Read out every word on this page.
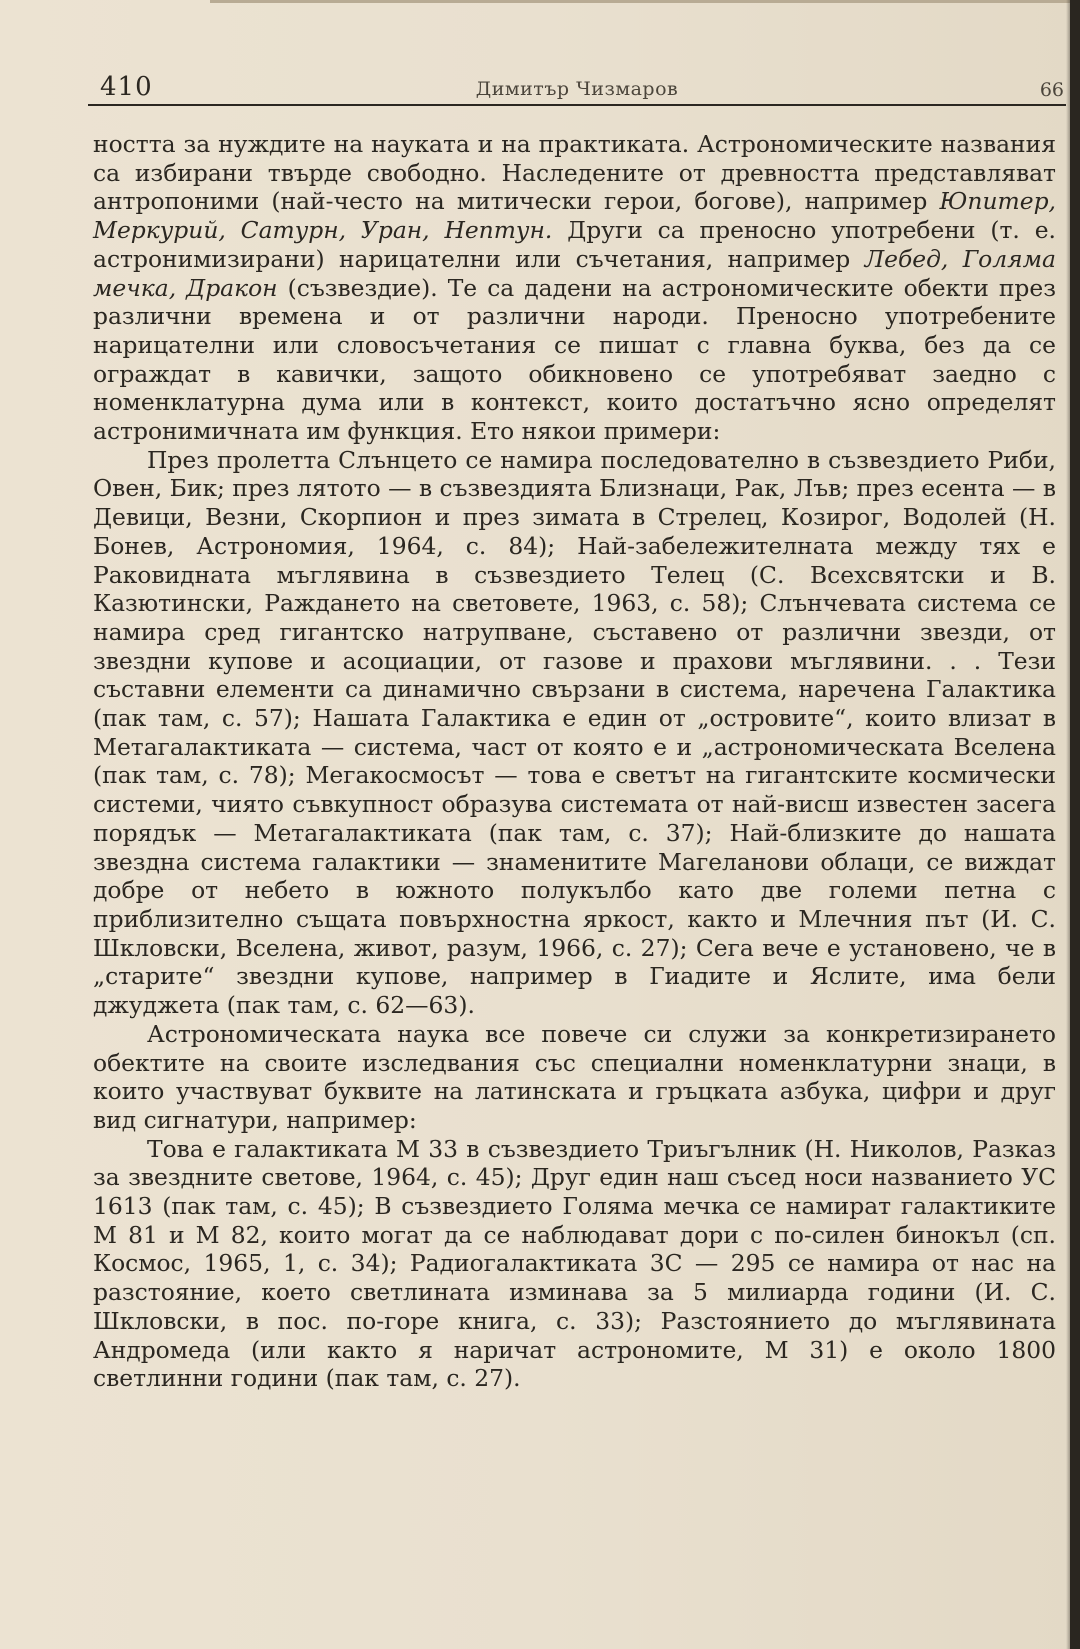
410	Димитър Чизмаров	66

ността за нуждите на науката и на практиката. Астрономическите названия са избирани твърде свободно. Наследените от древността представляват антропоними (най-често на митически герои, богове), например Юпитер, Меркурий, Сатурн, Уран, Нептун. Други са преносно употребени (т. е. астронимизирани) нарицателни или съчетания, например Лебед, Голяма мечка, Дракон (съзвездие). Те са дадени на астрономическите обекти през различни времена и от различни народи. Преносно употребените нарицателни или словосъчетания се пишат с главна буква, без да се ограждат в кавички, защото обикновено се употребяват заедно с номенклатурна дума или в контекст, които достатъчно ясно определят астронимичната им функция. Ето някои примери:

През пролетта Слънцето се намира последователно в съзвездието Риби, Овен, Бик; през лятото — в съзвездията Близнаци, Рак, Лъв; през есента — в Девици, Везни, Скорпион и през зимата в Стрелец, Козирог, Водолей (Н. Бонев, Астрономия, 1964, с. 84); Най-забележителната между тях е Раковидната мъглявина в съзвездието Телец (С. Всехсвятски и В. Казютински, Раждането на световете, 1963, с. 58); Слънчевата система се намира сред гигантско натрупване, съставено от различни звезди, от звездни купове и асоциации, от газове и прахови мъглявини. . . Тези съставни елементи са динамично свързани в система, наречена Галактика (пак там, с. 57); Нашата Галактика е един от „островите“, които влизат в Метагалактиката — система, част от която е и „астрономическата Вселена (пак там, с. 78); Мегакосмосът — това е светът на гигантските космически системи, чиято съвкупност образува системата от най-висш известен засега порядък — Метагалактиката (пак там, с. 37); Най-близките до нашата звездна система галактики — знаменитите Магеланови облаци, се виждат добре от небето в южното полукълбо като две големи петна с приблизително същата повърхностна яркост, както и Млечния път (И. С. Шкловски, Вселена, живот, разум, 1966, с. 27); Сега вече е установено, че в „старите“ звездни купове, например в Гиадите и Яслите, има бели джуджета (пак там, с. 62—63).

Астрономическата наука все повече си служи за конкретизирането обектите на своите изследвания със специални номенклатурни знаци, в които участвуват буквите на латинската и гръцката азбука, цифри и друг вид сигнатури, например:

Това е галактиката М 33 в съзвездието Триъгълник (Н. Николов, Разказ за звездните светове, 1964, с. 45); Друг един наш съсед носи названието УС 1613 (пак там, с. 45); В съзвездието Голяма мечка се намират галактиките М 81 и М 82, които могат да се наблюдават дори с по-силен бинокъл (сп. Космос, 1965, 1, с. 34); Радиогалактиката 3С — 295 се намира от нас на разстояние, което светлината изминава за 5 милиарда години (И. С. Шкловски, в пос. по-горе книга, с. 33); Разстоянието до мъглявината Андромеда (или както я наричат астрономите, М 31) е около 1800 светлинни години (пак там, с. 27).
